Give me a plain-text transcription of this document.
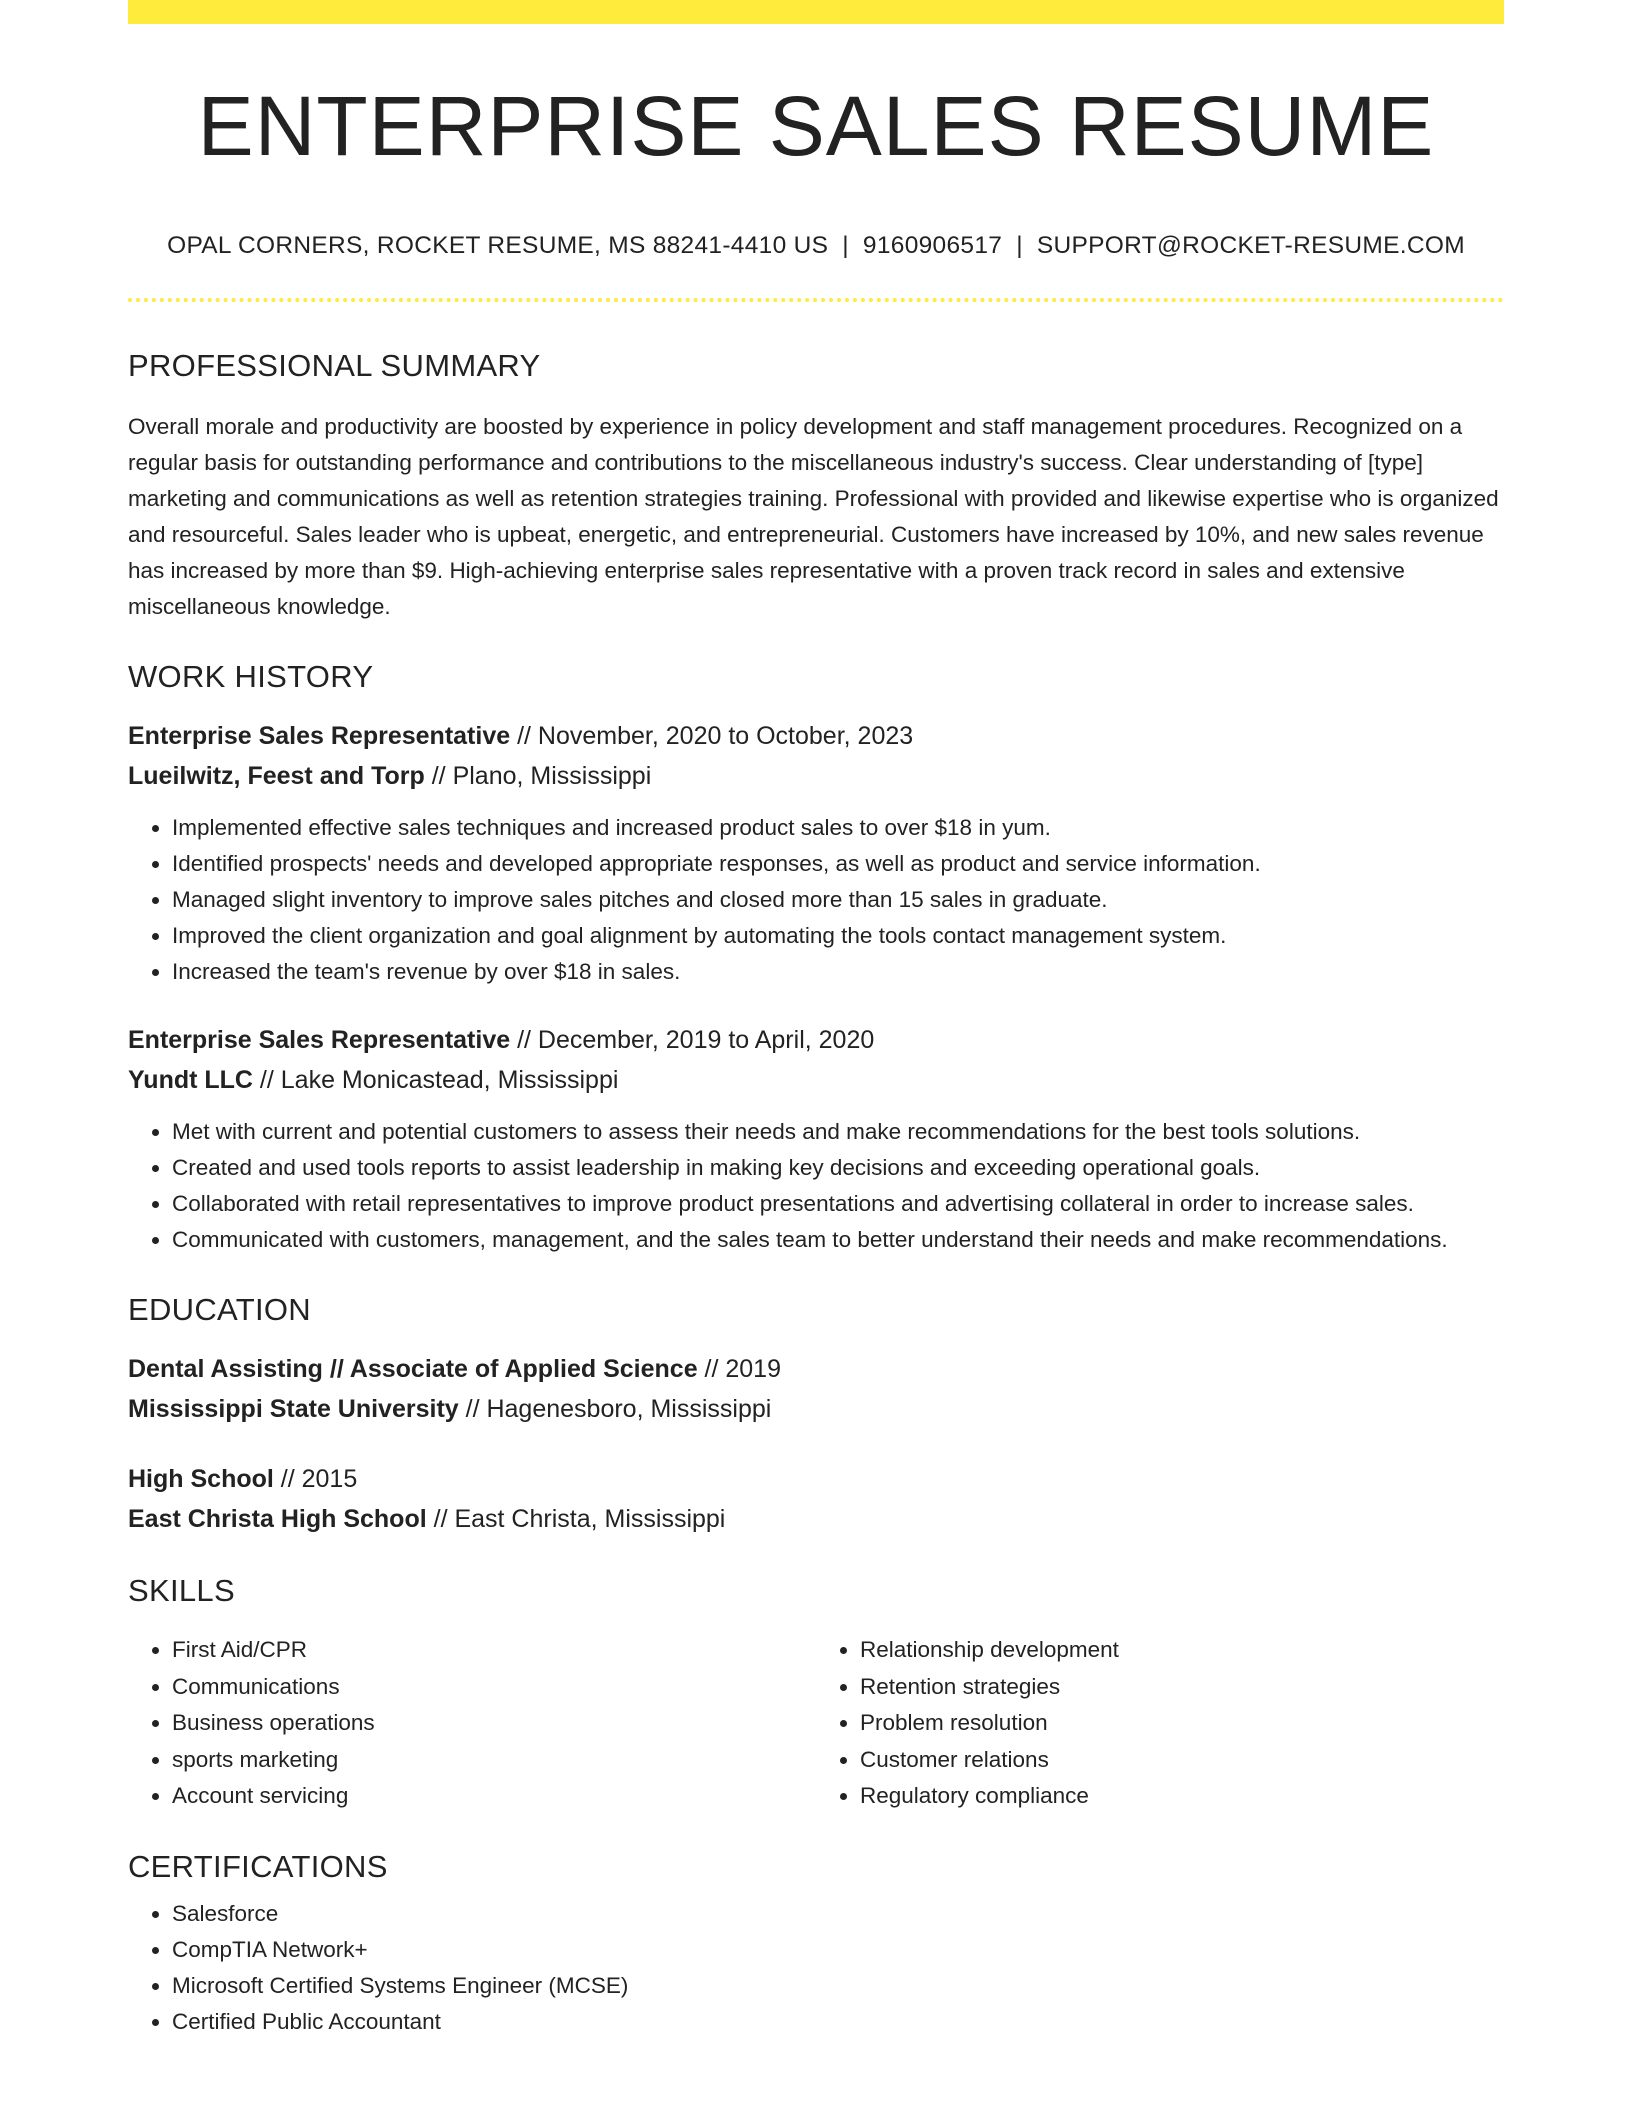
ENTERPRISE SALES RESUME
OPAL CORNERS, ROCKET RESUME, MS 88241-4410 US | 9160906517 | SUPPORT@ROCKET-RESUME.COM
PROFESSIONAL SUMMARY
Overall morale and productivity are boosted by experience in policy development and staff management procedures. Recognized on a regular basis for outstanding performance and contributions to the miscellaneous industry's success. Clear understanding of [type] marketing and communications as well as retention strategies training. Professional with provided and likewise expertise who is organized and resourceful. Sales leader who is upbeat, energetic, and entrepreneurial. Customers have increased by 10%, and new sales revenue has increased by more than $9. High-achieving enterprise sales representative with a proven track record in sales and extensive miscellaneous knowledge.
WORK HISTORY
Enterprise Sales Representative // November, 2020 to October, 2023
Lueilwitz, Feest and Torp // Plano, Mississippi
• Implemented effective sales techniques and increased product sales to over $18 in yum.
• Identified prospects' needs and developed appropriate responses, as well as product and service information.
• Managed slight inventory to improve sales pitches and closed more than 15 sales in graduate.
• Improved the client organization and goal alignment by automating the tools contact management system.
• Increased the team's revenue by over $18 in sales.
Enterprise Sales Representative // December, 2019 to April, 2020
Yundt LLC // Lake Monicastead, Mississippi
• Met with current and potential customers to assess their needs and make recommendations for the best tools solutions.
• Created and used tools reports to assist leadership in making key decisions and exceeding operational goals.
• Collaborated with retail representatives to improve product presentations and advertising collateral in order to increase sales.
• Communicated with customers, management, and the sales team to better understand their needs and make recommendations.
EDUCATION
Dental Assisting // Associate of Applied Science // 2019
Mississippi State University // Hagenesboro, Mississippi
High School // 2015
East Christa High School // East Christa, Mississippi
SKILLS
• First Aid/CPR
• Communications
• Business operations
• sports marketing
• Account servicing
• Relationship development
• Retention strategies
• Problem resolution
• Customer relations
• Regulatory compliance
CERTIFICATIONS
• Salesforce
• CompTIA Network+
• Microsoft Certified Systems Engineer (MCSE)
• Certified Public Accountant
